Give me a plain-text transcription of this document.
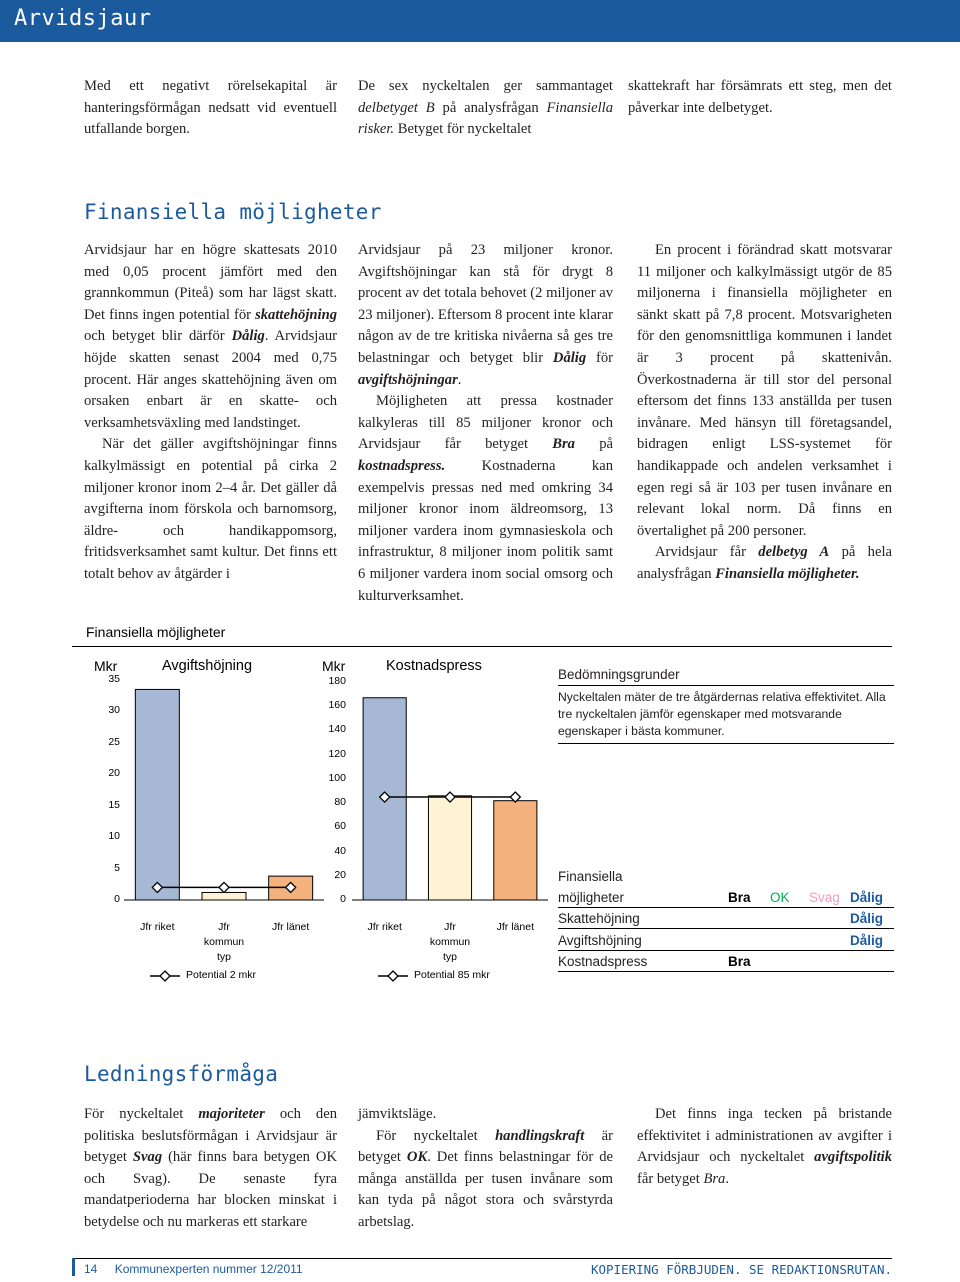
Arvidsjaur

Med ett negativt rörelsekapital är hanteringsförmågan nedsatt vid eventuell utfallande borgen.

De sex nyckeltalen ger sammantaget delbetyget B på analysfrågan Finansiella risker. Betyget för nyckeltalet

skattekraft har försämrats ett steg, men det påverkar inte delbetyget.

Finansiella möjligheter

Arvidsjaur har en högre skattesats 2010 med 0,05 procent jämfört med den grannkommun (Piteå) som har lägst skatt. Det finns ingen potential för skattehöjning och betyget blir därför Dålig. Arvidsjaur höjde skatten senast 2004 med 0,75 procent. Här anges skattehöjning även om orsaken enbart är en skatte- och verksamhetsväxling med landstinget.

När det gäller avgiftshöjningar finns kalkylmässigt en potential på cirka 2 miljoner kronor inom 2–4 år. Det gäller då avgifterna inom förskola och barnomsorg, äldre- och handikappomsorg, fritidsverksamhet samt kultur. Det finns ett totalt behov av åtgärder i

Arvidsjaur på 23 miljoner kronor. Avgiftshöjningar kan stå för drygt 8 procent av det totala behovet (2 miljoner av 23 miljoner). Eftersom 8 procent inte klarar någon av de tre kritiska nivåerna så ges tre belastningar och betyget blir Dålig för avgiftshöjningar.

Möjligheten att pressa kostnader kalkyleras till 85 miljoner kronor och Arvidsjaur får betyget Bra på kostnadspress. Kostnaderna kan exempelvis pressas ned med omkring 34 miljoner kronor inom äldreomsorg, 13 miljoner vardera inom gymnasieskola och infrastruktur, 8 miljoner inom politik samt 6 miljoner vardera inom social omsorg och kulturverksamhet.

En procent i förändrad skatt motsvarar 11 miljoner och kalkylmässigt utgör de 85 miljonerna i finansiella möjligheter en sänkt skatt på 7,8 procent. Motsvarigheten för den genomsnittliga kommunen i landet är 3 procent på skattenivån. Överkostnaderna är till stor del personal eftersom det finns 133 anställda per tusen invånare. Med hänsyn till företagsandel, bidragen enligt LSS-systemet för handikappade och andelen verksamhet i egen regi så är 103 per tusen invånare en relevant lokal norm. Då finns en övertalighet på 200 personer.

Arvidsjaur får delbetyg A på hela analysfrågan Finansiella möjligheter.

Finansiella möjligheter
Mkr	Avgiftshöjning
0
5
10
15
20
25
30
35
Jfr riket	Jfr
kommun
typ
Jfr länet
Potential 2 mkr
Mkr	Kostnadspress
0
20
40
60
80
100
120
140
160
180
Jfr riket	Jfr
kommun
typ
Jfr länet
Potential 85 mkr
Bedömningsgrunder
Nyckeltalen mäter de tre åtgärdernas relativa effektivitet. Alla tre nyckeltalen jämför egenskaper med motsvarande egenskaper i bästa kommuner.
Finansiella
möjligheter	Bra OK Svag Dålig
Skattehöjning	Dålig
Avgiftshöjning	Dålig
Kostnadspress	Bra
Ledningsförmåga

För nyckeltalet majoriteter och den politiska beslutsförmågan i Arvidsjaur är betyget Svag (här finns bara betygen OK och Svag). De senaste fyra mandatperioderna har blocken minskat i betydelse och nu markeras ett starkare

jämviktsläge.

För nyckeltalet handlingskraft är betyget OK. Det finns belastningar för de många anställda per tusen invånare som kan tyda på något stora och svårstyrda arbetslag.

Det finns inga tecken på bristande effektivitet i administrationen av avgifter i Arvidsjaur och nyckeltalet avgiftspolitik får betyget Bra.

14 Kommunexperten nummer 12/2011	KOPIERING FÖRBJUDEN. SE REDAKTIONSRUTAN.
